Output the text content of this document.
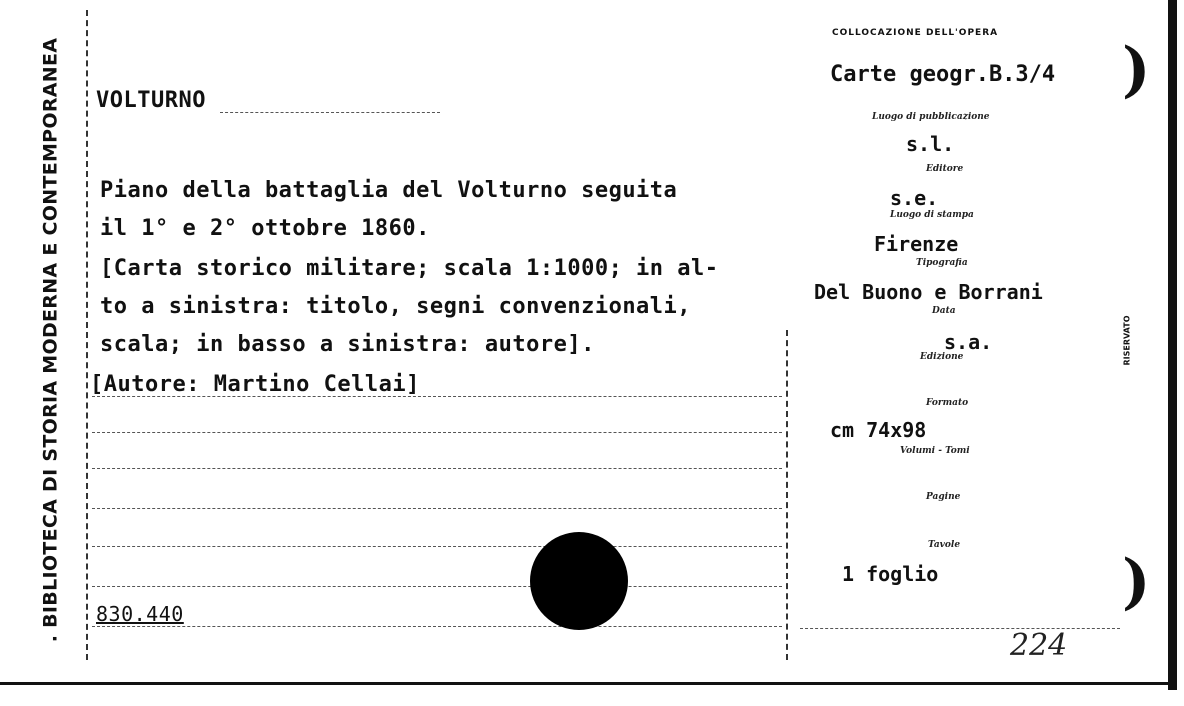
. BIBLIOTECA DI STORIA MODERNA E CONTEMPORANEA VOLTURNO
Piano della battaglia del Volturno seguita
il 1° e 2° ottobre 1860.
[Carta storico militare; scala 1:1000; in al-
to a sinistra: titolo, segni convenzionali,
scala; in basso a sinistra: autore].
[Autore: Martino Cellai]
830.440
COLLOCAZIONE DELL'OPERA
Carte geogr.B.3/4 )
Luogo di pubblicazione
s.l.
Editore
s.e.
Luogo di stampa
Firenze
Tipografia
Del Buono e Borrani
Data
s.a.
Edizione
Formato
cm 74x98
Volumi - Tomi
Pagine
Tavole
1 foglio	)
RISERVATO
224
